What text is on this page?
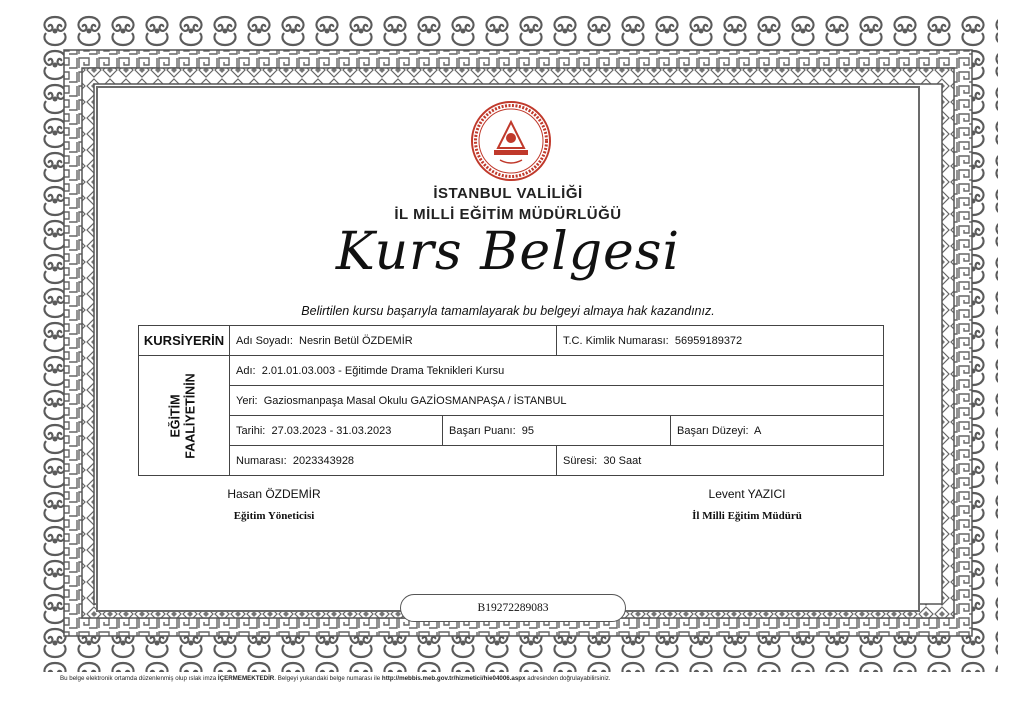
İSTANBUL VALİLİĞİ
İL MİLLİ EĞİTİM MÜDÜRLÜĞÜ
Kurs Belgesi
Belirtilen kursu başarıyla tamamlayarak bu belgeyi almaya hak kazandınız.
KURSİYERİN	Adı Soyadı: Nesrin Betül ÖZDEMİR		T.C. Kimlik Numarası: 56959189372	

EĞİTİM FAALİYETİNİN	Adı: 2.01.01.03.003 - Eğitimde Drama Teknikleri Kursu			
	Yeri: Gaziosmanpaşa Masal Okulu GAZİOSMANPAŞA / İSTANBUL			
	Tarihi: 27.03.2023 - 31.03.2023	Başarı Puanı: 95		Başarı Düzeyi: A
	Numarası: 2023343928		Süresi: 30 Saat	
Hasan ÖZDEMİR
Eğitim Yöneticisi
Levent YAZICI
İl Milli Eğitim Müdürü
B19272289083
Bu belge elektronik ortamda düzenlenmiş olup ıslak imza İÇERMEMEKTEDİR. Belgeyi yukarıdaki belge numarası ile http://mebbis.meb.gov.tr/hizmetici/hie04006.aspx adresinden doğrulayabilirsiniz.
